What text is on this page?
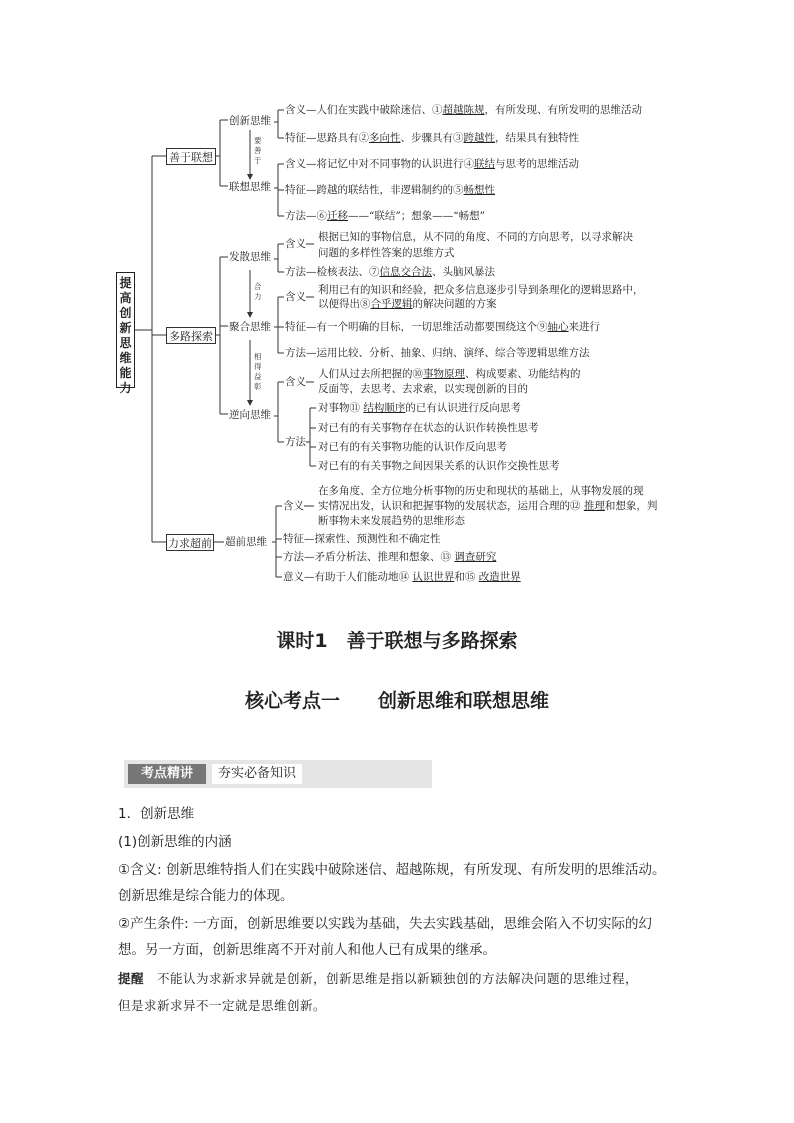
提高创新思维能力
善于联想
创新思维
要善于
含义—人们在实践中破除迷信、①超越陈规，有所发现、有所发明的思维活动
特征—思路具有②多向性、步骤具有③跨越性，结果具有独特性
联想思维
含义—将记忆中对不同事物的认识进行④联结与思考的思维活动
特征—跨越的联结性，非逻辑制约的⑤畅想性
方法—⑥迁移——“联结”；想象——“畅想”
多路探索
发散思维
含义
根据已知的事物信息，从不同的角度、不同的方向思考，以寻求解决
问题的多样性答案的思维方式
方法—检核表法、⑦信息交合法、头脑风暴法
合力
聚合思维
含义
利用已有的知识和经验，把众多信息逐步引导到条理化的逻辑思路中，
以便得出⑧合乎逻辑的解决问题的方案
特征—有一个明确的目标，一切思维活动都要围绕这个⑨轴心来进行
方法—运用比较、分析、抽象、归纳、演绎、综合等逻辑思维方法
相得益彰
逆向思维
含义
人们从过去所把握的⑩事物原理、构成要素、功能结构的
反面等，去思考、去求索，以实现创新的目的
方法
对事物⑪ 结构顺序的已有认识进行反向思考
对已有的有关事物存在状态的认识作转换性思考
对已有的有关事物功能的认识作反向思考
对已有的有关事物之间因果关系的认识作交换性思考
力求超前 超前思维
含义
在多角度、全方位地分析事物的历史和现状的基础上，从事物发展的现
实情况出发，认识和把握事物的发展状态，运用合理的⑫ 推理和想象，判
断事物未来发展趋势的思维形态
特征—探索性、预测性和不确定性
方法—矛盾分析法、推理和想象、⑬ 调查研究
意义—有助于人们能动地⑭ 认识世界和⑮ 改造世界
课时1　善于联想与多路探索
核心考点一　　创新思维和联想思维
考点精讲	夯实必备知识
1．创新思维
(1)创新思维的内涵
①含义: 创新思维特指人们在实践中破除迷信、超越陈规，有所发现、有所发明的思维活动。
创新思维是综合能力的体现。
②产生条件: 一方面，创新思维要以实践为基础，失去实践基础，思维会陷入不切实际的幻
想。另一方面，创新思维离不开对前人和他人已有成果的继承。
提醒　 不能认为求新求异就是创新，创新思维是指以新颖独创的方法解决问题的思维过程，
但是求新求异不一定就是思维创新。
